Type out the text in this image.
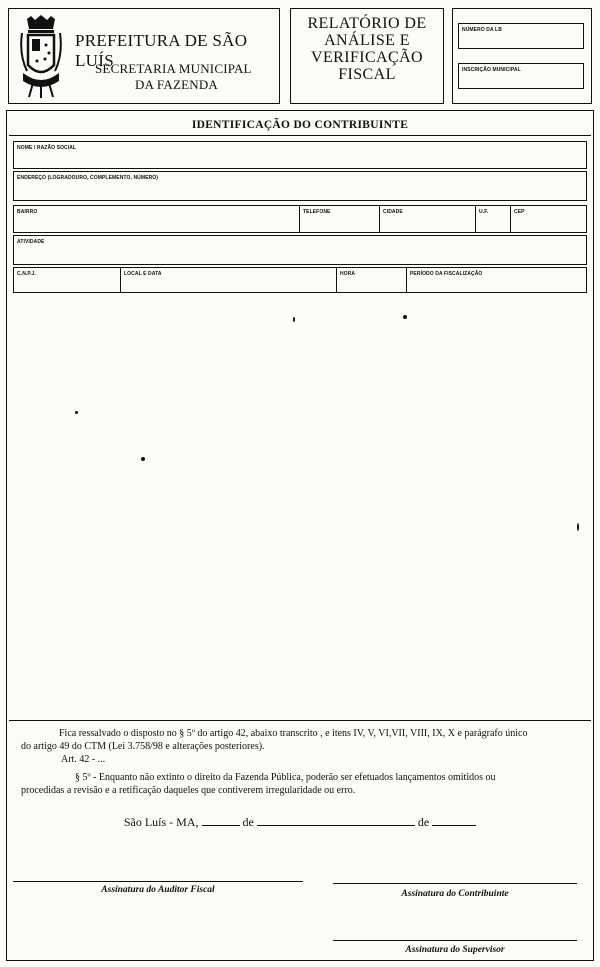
PREFEITURA DE SÃO LUÍS
SECRETARIA MUNICIPAL
DA FAZENDA
RELATÓRIO DE
ANÁLISE E
VERIFICAÇÃO
FISCAL
NÚMERO DA LB
INSCRIÇÃO MUNICIPAL
IDENTIFICAÇÃO DO CONTRIBUINTE
NOME / RAZÃO SOCIAL
ENDEREÇO (LOGRADOURO, COMPLEMENTO, NÚMERO)
BAIRRO	TELEFONE	CIDADE	U.F.	CEP
ATIVIDADE
C.N.P.J.	LOCAL E DATA	HORA	PERÍODO DA FISCALIZAÇÃO
Fica ressalvado o disposto no § 5º do artigo 42, abaixo transcrito , e itens IV, V, VI,VII, VIII, IX, X e parágrafo único
do artigo 49 do CTM (Lei 3.758/98 e alterações posteriores).
Art. 42 - ...
§ 5º - Enquanto não extinto o direito da Fazenda Pública, poderão ser efetuados lançamentos omitidos ou
procedidas a revisão e a retificação daqueles que contiverem irregularidade ou erro.
São Luís - MA,	de	de
Assinatura do Auditor Fiscal	Assinatura do Contribuinte
Assinatura do Supervisor
